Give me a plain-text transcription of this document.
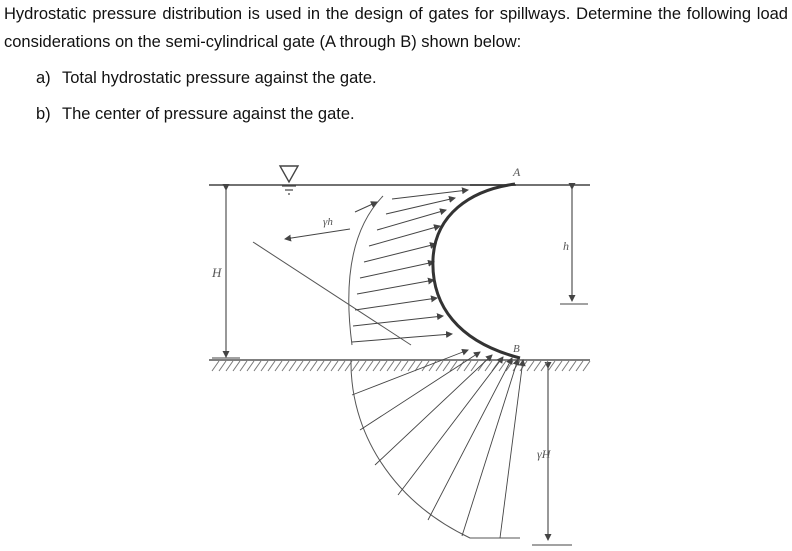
Hydrostatic pressure distribution is used in the design of gates for spillways. Determine the following load considerations on the semi-cylindrical gate (A through B) shown below:

a) Total hydrostatic pressure against the gate.
b) The center of pressure against the gate.
H
h
γH
γh
A
B
